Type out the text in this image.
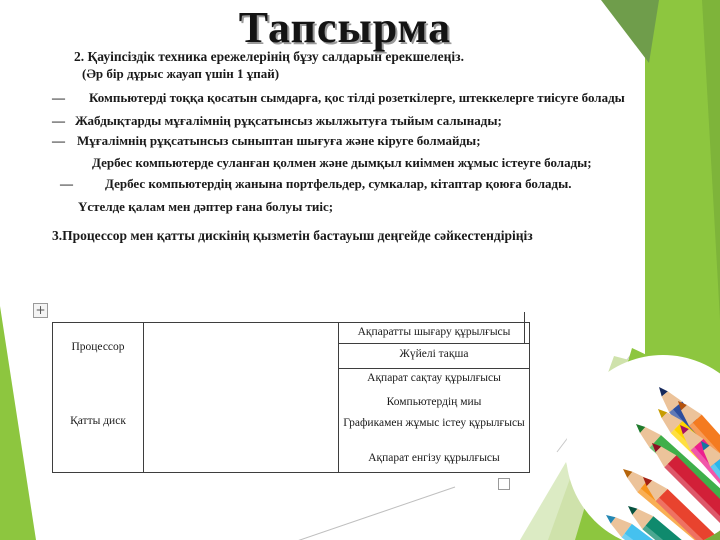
Тапсырма

2. Қауіпсіздік техника ережелерінің бұзу салдарын ерекшелеңіз.

(Әр бір дұрыс жауап үшін 1 ұпай)

— Компьютерді тоққа қосатын сымдарға, қос тілді розеткілерге, штеккелерге тиісуге болады

— Жабдықтарды мұғалімнің рұқсатынсыз жылжытуға тыйым салынады;

— Мұғалімнің рұқсатынсыз сыныптан шығуға және кіруге болмайды;

Дербес компьютерде суланған қолмен және дымқыл киіммен жұмыс істеуге болады;

— Дербес компьютердің жанына портфельдер, сумкалар, кітаптар қоюға болады.

Үстелде қалам мен дәптер ғана болуы тиіс;

3.Процессор мен қатты дискінің қызметін бастауыш деңгейде сәйкестендіріңіз

+
Процессор
Қатты диск
Ақпаратты шығару құрылғысы
Жүйелі тақша
Ақпарат сақтау құрылғысы
Компьютердің миы
Графикамен жұмыс істеу құрылғысы
Ақпарат енгізу құрылғысы
